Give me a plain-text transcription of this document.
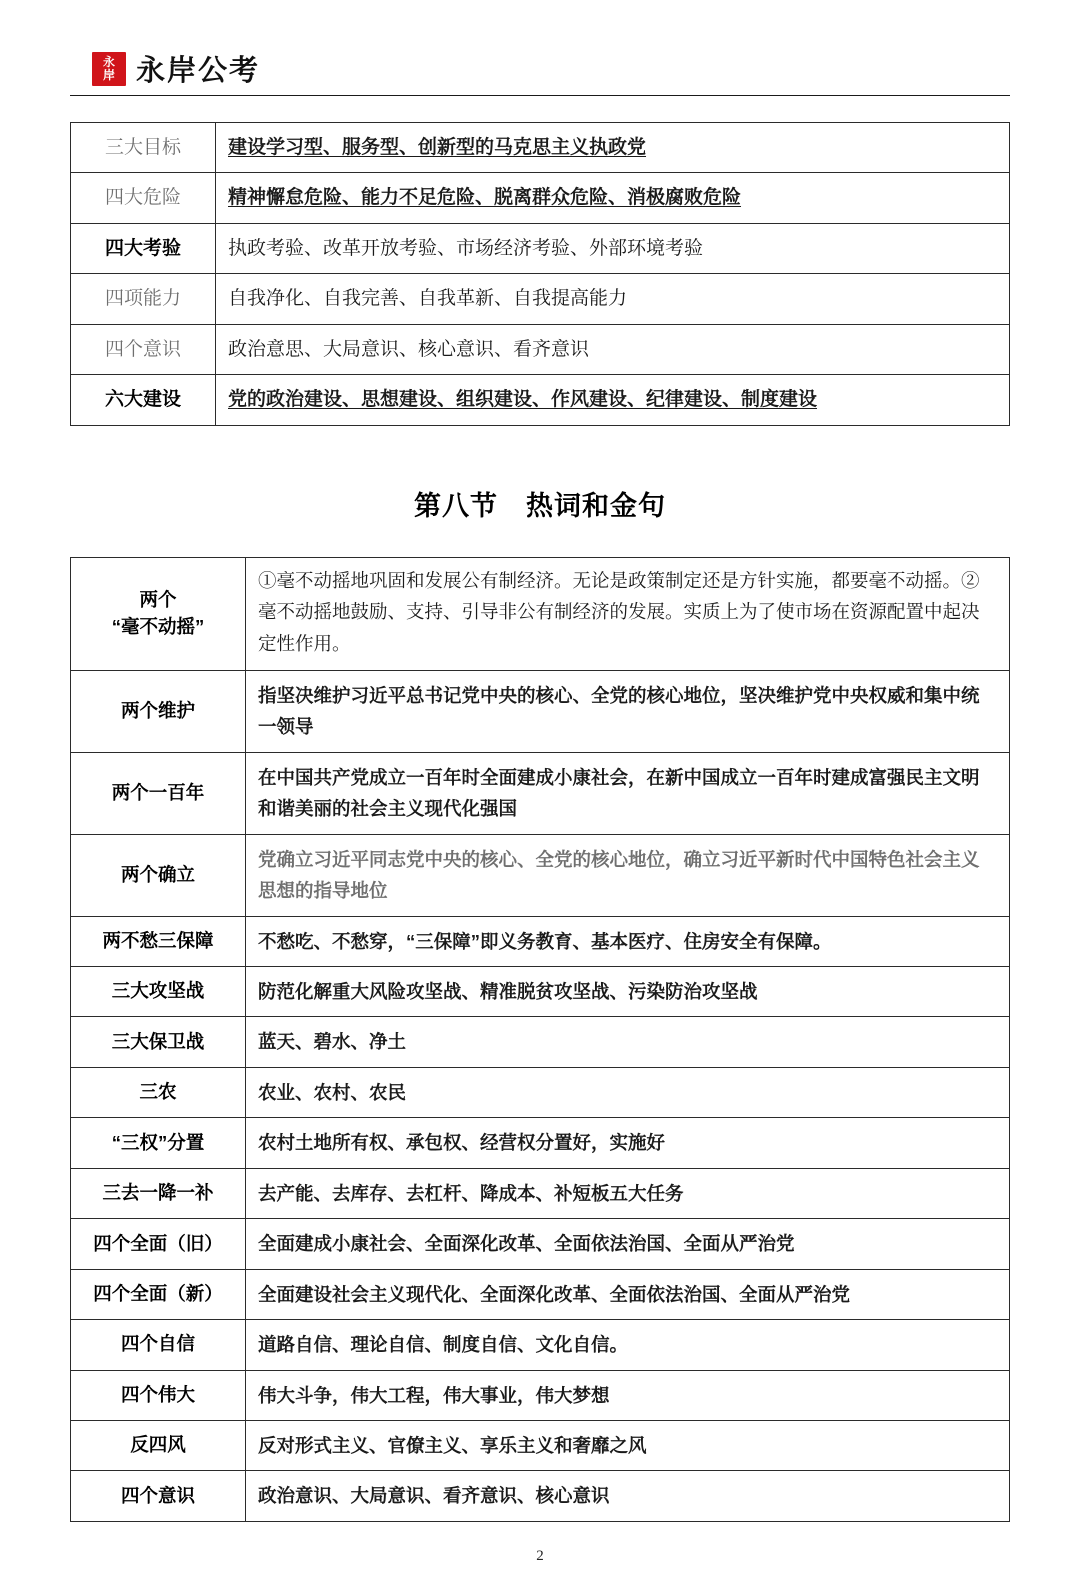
永
岸 永岸公考
三大目标	建设学习型、服务型、创新型的马克思主义执政党
四大危险	精神懈怠危险、能力不足危险、脱离群众危险、消极腐败危险
四大考验	执政考验、改革开放考验、市场经济考验、外部环境考验
四项能力	自我净化、自我完善、自我革新、自我提高能力
四个意识	政治意思、大局意识、核心意识、看齐意识
六大建设	党的政治建设、思想建设、组织建设、作风建设、纪律建设、制度建设
第八节 热词和金句
两个
“毫不动摇”	①毫不动摇地巩固和发展公有制经济。无论是政策制定还是方针实施，都要毫不动摇。②毫不动摇地鼓励、支持、引导非公有制经济的发展。实质上为了使市场在资源配置中起决定性作用。
两个维护	指坚决维护习近平总书记党中央的核心、全党的核心地位，坚决维护党中央权威和集中统一领导
两个一百年	在中国共产党成立一百年时全面建成小康社会，在新中国成立一百年时建成富强民主文明和谐美丽的社会主义现代化强国
两个确立	党确立习近平同志党中央的核心、全党的核心地位，确立习近平新时代中国特色社会主义思想的指导地位
两不愁三保障	不愁吃、不愁穿，“三保障”即义务教育、基本医疗、住房安全有保障。
三大攻坚战	防范化解重大风险攻坚战、精准脱贫攻坚战、污染防治攻坚战
三大保卫战	蓝天、碧水、净土
三农	农业、农村、农民
“三权”分置	农村土地所有权、承包权、经营权分置好，实施好
三去一降一补	去产能、去库存、去杠杆、降成本、补短板五大任务
四个全面（旧）	全面建成小康社会、全面深化改革、全面依法治国、全面从严治党
四个全面（新）	全面建设社会主义现代化、全面深化改革、全面依法治国、全面从严治党
四个自信	道路自信、理论自信、制度自信、文化自信。
四个伟大	伟大斗争，伟大工程，伟大事业，伟大梦想
反四风	反对形式主义、官僚主义、享乐主义和奢靡之风
四个意识	政治意识、大局意识、看齐意识、核心意识
2
